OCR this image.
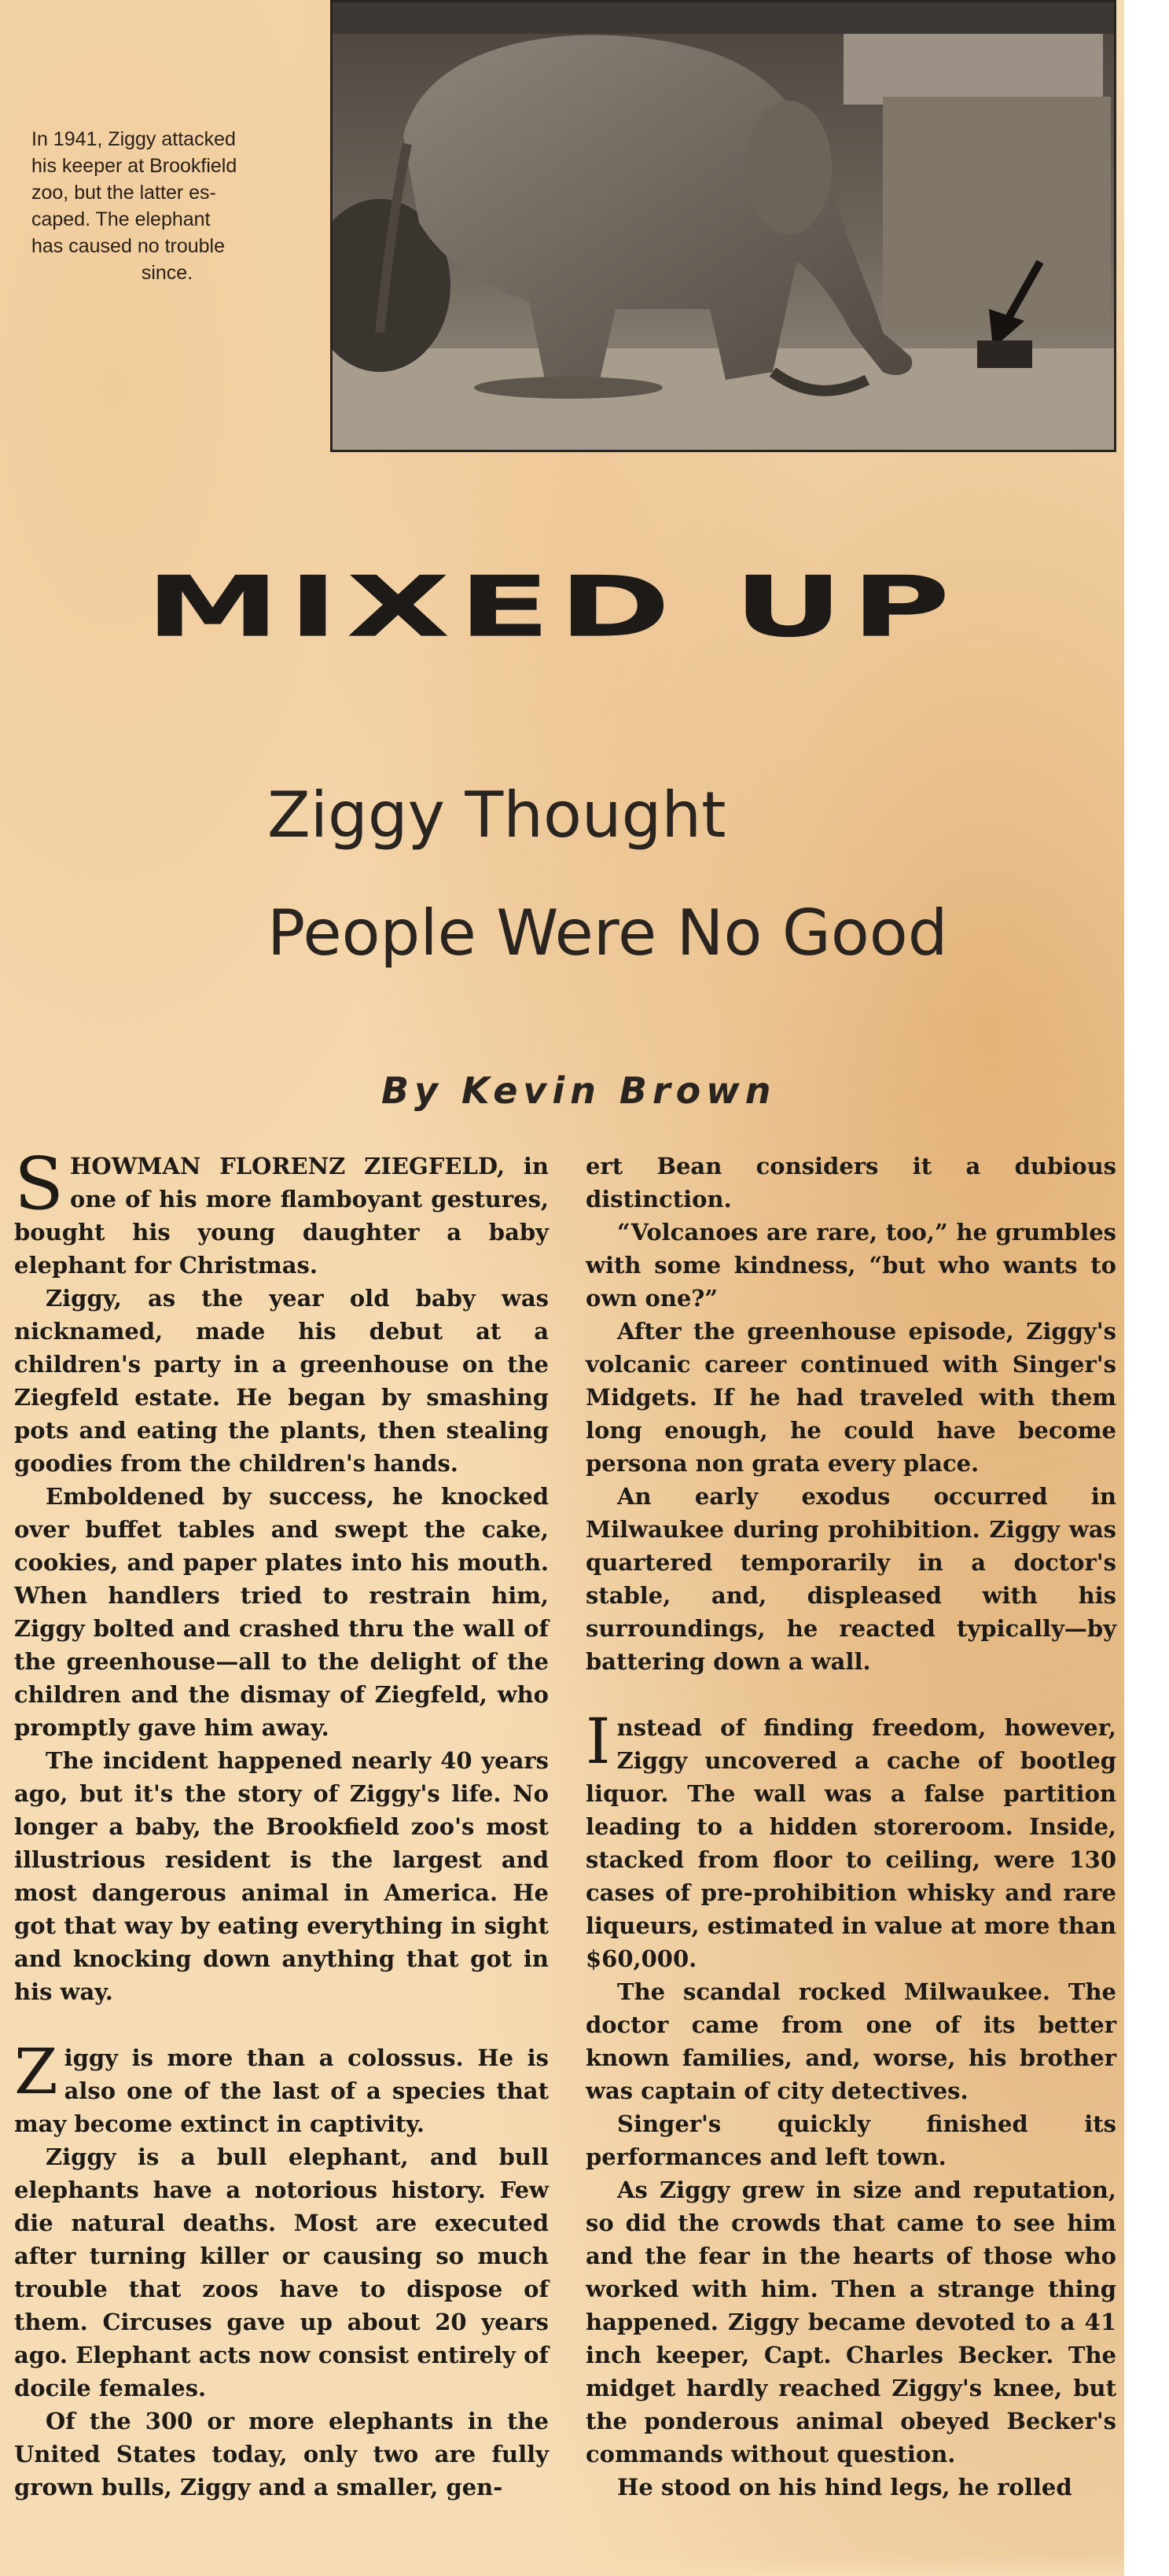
In 1941, Ziggy attacked
his keeper at Brookfield
zoo, but the latter es-
caped. The elephant
has caused no trouble
since.
MIXED UP
Ziggy Thought
People Were No Good
By Kevin Brown

SHOWMAN FLORENZ ZIEGFELD, in one of his more flamboyant gestures, bought his young daughter a baby elephant for Christmas.

Ziggy, as the year old baby was nicknamed, made his debut at a children's party in a greenhouse on the Ziegfeld estate. He began by smashing pots and eating the plants, then stealing goodies from the children's hands.

Emboldened by success, he knocked over buffet tables and swept the cake, cookies, and paper plates into his mouth. When handlers tried to restrain him, Ziggy bolted and crashed thru the wall of the greenhouse—all to the delight of the children and the dismay of Ziegfeld, who promptly gave him away.

The incident happened nearly 40 years ago, but it's the story of Ziggy's life. No longer a baby, the Brookfield zoo's most illustrious resident is the largest and most dangerous animal in America. He got that way by eating everything in sight and knocking down anything that got in his way.

Ziggy is more than a colossus. He is also one of the last of a species that may become extinct in captivity.

Ziggy is a bull elephant, and bull elephants have a notorious history. Few die natural deaths. Most are executed after turning killer or causing so much trouble that zoos have to dispose of them. Circuses gave up about 20 years ago. Elephant acts now consist entirely of docile females.

Of the 300 or more elephants in the United States today, only two are fully grown bulls, Ziggy and a smaller, gen-

ert Bean considers it a dubious distinction.

“Volcanoes are rare, too,” he grumbles with some kindness, “but who wants to own one?”

After the greenhouse episode, Ziggy's volcanic career continued with Singer's Midgets. If he had traveled with them long enough, he could have become persona non grata every place.

An early exodus occurred in Milwaukee during prohibition. Ziggy was quartered temporarily in a doctor's stable, and, displeased with his surroundings, he reacted typically—by battering down a wall.

Instead of finding freedom, however, Ziggy uncovered a cache of bootleg liquor. The wall was a false partition leading to a hidden storeroom. Inside, stacked from floor to ceiling, were 130 cases of pre-prohibition whisky and rare liqueurs, estimated in value at more than $60,000.

The scandal rocked Milwaukee. The doctor came from one of its better known families, and, worse, his brother was captain of city detectives.

Singer's quickly finished its performances and left town.

As Ziggy grew in size and reputation, so did the crowds that came to see him and the fear in the hearts of those who worked with him. Then a strange thing happened. Ziggy became devoted to a 41 inch keeper, Capt. Charles Becker. The midget hardly reached Ziggy's knee, but the ponderous animal obeyed Becker's commands without question.

He stood on his hind legs, he rolled
